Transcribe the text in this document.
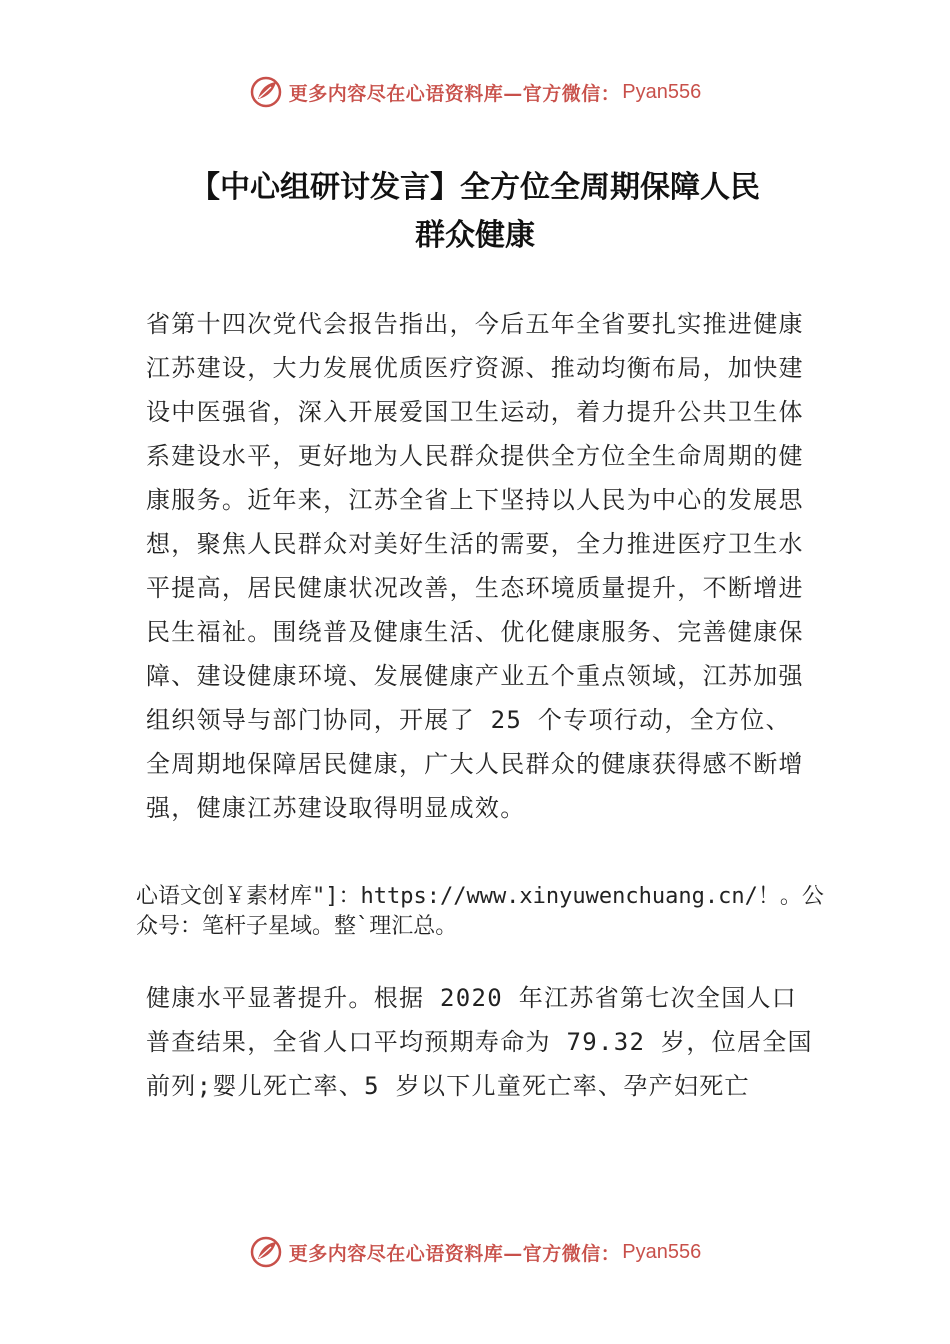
更多内容尽在心语资料库—官方微信： Pyan556
【中心组研讨发言】全方位全周期保障人民
群众健康

省第十四次党代会报告指出，今后五年全省要扎实推进健康江苏建设，大力发展优质医疗资源、推动均衡布局，加快建设中医强省，深入开展爱国卫生运动，着力提升公共卫生体系建设水平，更好地为人民群众提供全方位全生命周期的健康服务。近年来，江苏全省上下坚持以人民为中心的发展思想，聚焦人民群众对美好生活的需要，全力推进医疗卫生水平提高，居民健康状况改善，生态环境质量提升，不断增进民生福祉。围绕普及健康生活、优化健康服务、完善健康保障、建设健康环境、发展健康产业五个重点领域，江苏加强组织领导与部门协同，开展了 25 个专项行动，全方位、全周期地保障居民健康，广大人民群众的健康获得感不断增强，健康江苏建设取得明显成效。

心语文创￥素材库"]：https://www.xinyuwenchuang.cn/！。公众号：笔杆子星域。整`理汇总。

健康水平显著提升。根据 2020 年江苏省第七次全国人口普查结果，全省人口平均预期寿命为 79.32 岁，位居全国前列;婴儿死亡率、5 岁以下儿童死亡率、孕产妇死亡

更多内容尽在心语资料库—官方微信： Pyan556
